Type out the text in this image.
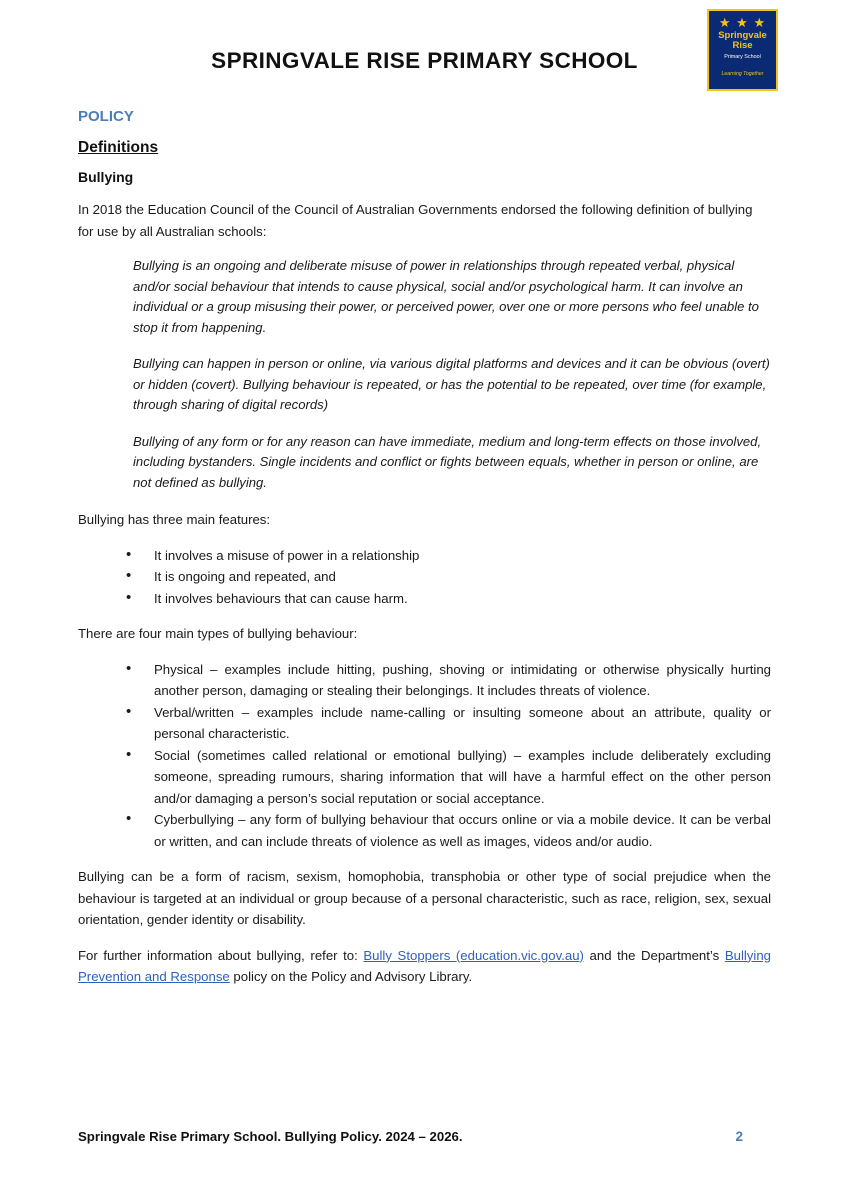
SPRINGVALE RISE PRIMARY SCHOOL
★ ★ ★
Springvale
Rise
Primary School
Learning Together
POLICY
Definitions
Bullying

In 2018 the Education Council of the Council of Australian Governments endorsed the following definition of bullying for use by all Australian schools:

Bullying is an ongoing and deliberate misuse of power in relationships through repeated verbal, physical and/or social behaviour that intends to cause physical, social and/or psychological harm. It can involve an individual or a group misusing their power, or perceived power, over one or more persons who feel unable to stop it from happening.

Bullying can happen in person or online, via various digital platforms and devices and it can be obvious (overt) or hidden (covert). Bullying behaviour is repeated, or has the potential to be repeated, over time (for example, through sharing of digital records)

Bullying of any form or for any reason can have immediate, medium and long-term effects on those involved, including bystanders. Single incidents and conflict or fights between equals, whether in person or online, are not defined as bullying.

Bullying has three main features:

• It involves a misuse of power in a relationship
• It is ongoing and repeated, and
• It involves behaviours that can cause harm.

There are four main types of bullying behaviour:

• Physical – examples include hitting, pushing, shoving or intimidating or otherwise physically hurting another person, damaging or stealing their belongings. It includes threats of violence.
• Verbal/written – examples include name-calling or insulting someone about an attribute, quality or personal characteristic.
• Social (sometimes called relational or emotional bullying) – examples include deliberately excluding someone, spreading rumours, sharing information that will have a harmful effect on the other person and/or damaging a person’s social reputation or social acceptance.
• Cyberbullying – any form of bullying behaviour that occurs online or via a mobile device. It can be verbal or written, and can include threats of violence as well as images, videos and/or audio.

Bullying can be a form of racism, sexism, homophobia, transphobia or other type of social prejudice when the behaviour is targeted at an individual or group because of a personal characteristic, such as race, religion, sex, sexual orientation, gender identity or disability.

For further information about bullying, refer to: Bully Stoppers (education.vic.gov.au) and the Department’s Bullying Prevention and Response policy on the Policy and Advisory Library.

Springvale Rise Primary School. Bullying Policy. 2024 – 2026.	2
